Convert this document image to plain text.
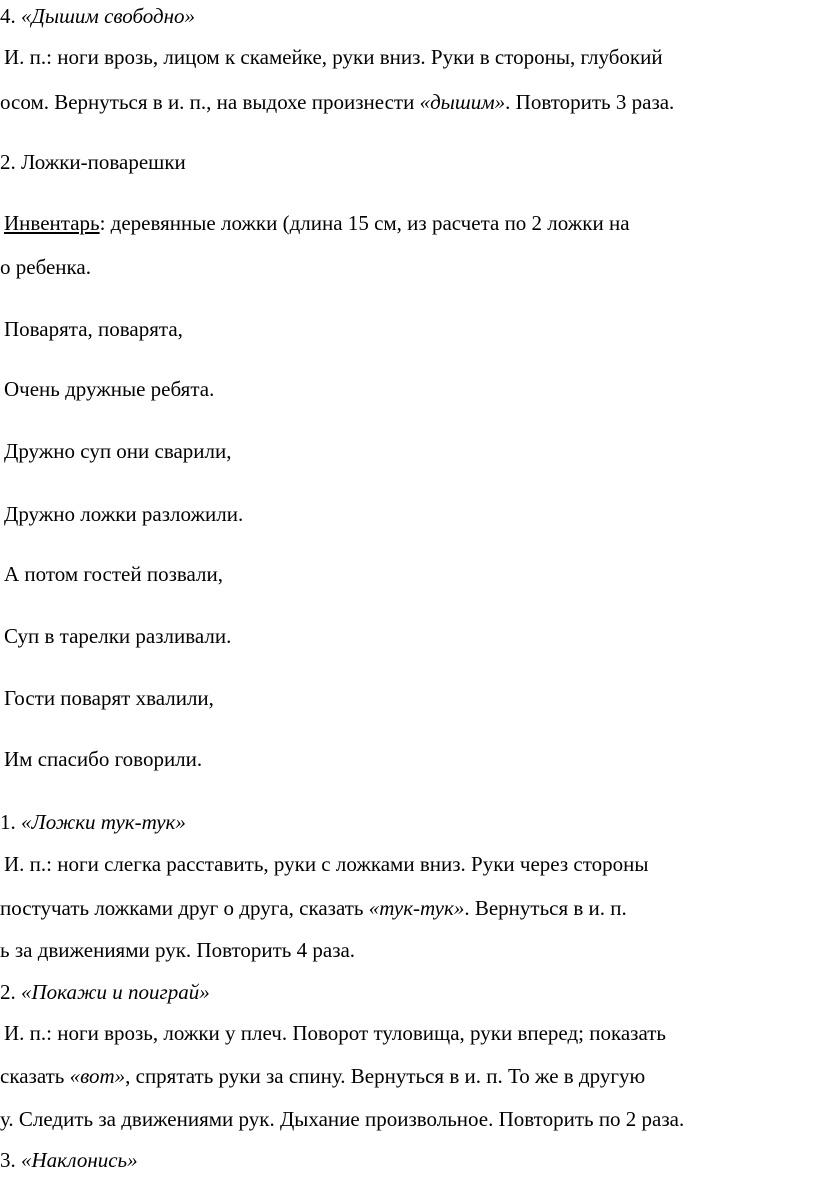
4. «Дышим свободно»
И. п.: ноги врозь, лицом к скамейке, руки вниз. Руки в стороны, глубокий
осом. Вернуться в и. п., на выдохе произнести «дышим». Повторить 3 раза.
2. Ложки-поварешки
Инвентарь: деревянные ложки (длина 15 см, из расчета по 2 ложки на
о ребенка.
Поварята, поварята,
Очень дружные ребята.
Дружно суп они сварили,
Дружно ложки разложили.
А потом гостей позвали,
Суп в тарелки разливали.
Гости поварят хвалили,
Им спасибо говорили.
1. «Ложки тук-тук»
И. п.: ноги слегка расставить, руки с ложками вниз. Руки через стороны
постучать ложками друг о друга, сказать «тук-тук». Вернуться в и. п.
ь за движениями рук. Повторить 4 раза.
2. «Покажи и поиграй»
И. п.: ноги врозь, ложки у плеч. Поворот туловища, руки вперед; показать
сказать «вот», спрятать руки за спину. Вернуться в и. п. То же в другую
у. Следить за движениями рук. Дыхание произвольное. Повторить по 2 раза.
3. «Наклонись»
